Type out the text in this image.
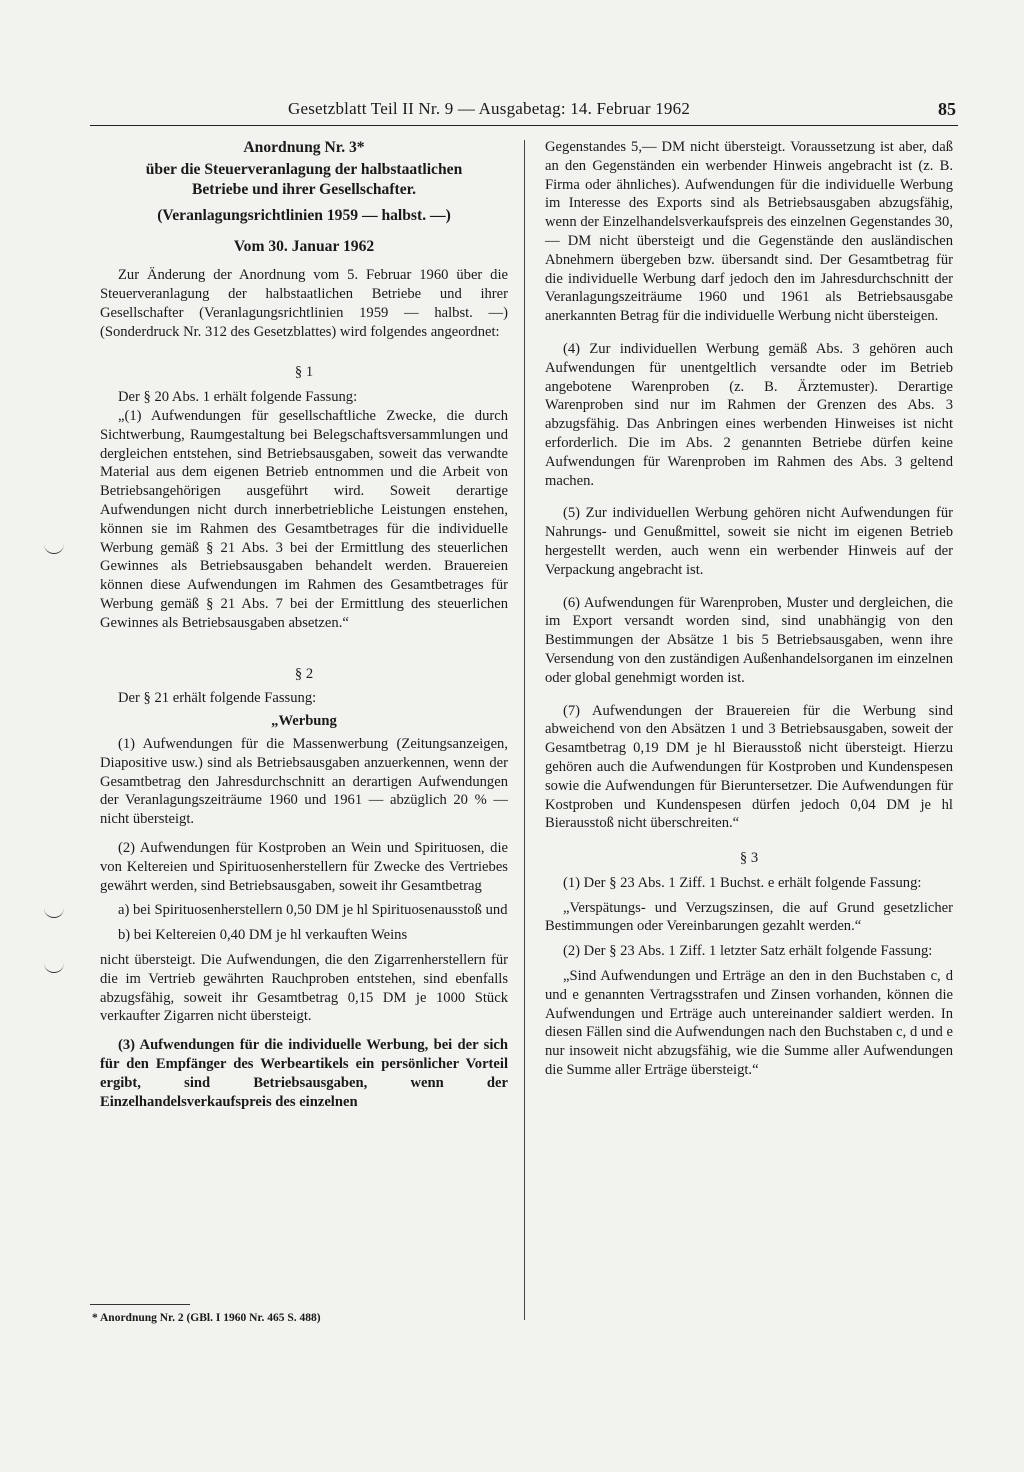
Gesetzblatt Teil II Nr. 9 — Ausgabetag: 14. Februar 1962	85

Anordnung Nr. 3*

über die Steuerveranlagung der halbstaatlichen

Betriebe und ihrer Gesellschafter.

(Veranlagungsrichtlinien 1959 — halbst. —)

Vom 30. Januar 1962

Zur Änderung der Anordnung vom 5. Februar 1960 über die Steuerveranlagung der halbstaatlichen Betriebe und ihrer Gesellschafter (Veranlagungsrichtlinien 1959 — halbst. —) (Sonderdruck Nr. 312 des Gesetzblattes) wird folgendes angeordnet:

§ 1

Der § 20 Abs. 1 erhält folgende Fassung:

„(1) Aufwendungen für gesellschaftliche Zwecke, die durch Sichtwerbung, Raumgestaltung bei Belegschaftsversammlungen und dergleichen entstehen, sind Betriebsausgaben, soweit das verwandte Material aus dem eigenen Betrieb entnommen und die Arbeit von Betriebsangehörigen ausgeführt wird. Soweit derartige Aufwendungen nicht durch innerbetriebliche Leistungen enstehen, können sie im Rahmen des Gesamtbetrages für die individuelle Werbung gemäß § 21 Abs. 3 bei der Ermittlung des steuerlichen Gewinnes als Betriebsausgaben behandelt werden. Brauereien können diese Aufwendungen im Rahmen des Gesamtbetrages für Werbung gemäß § 21 Abs. 7 bei der Ermittlung des steuerlichen Gewinnes als Betriebsausgaben absetzen.“

§ 2

Der § 21 erhält folgende Fassung:

„Werbung

(1) Aufwendungen für die Massenwerbung (Zeitungsanzeigen, Diapositive usw.) sind als Betriebsausgaben anzuerkennen, wenn der Gesamtbetrag den Jahresdurchschnitt an derartigen Aufwendungen der Veranlagungszeiträume 1960 und 1961 — abzüglich 20 % — nicht übersteigt.

(2) Aufwendungen für Kostproben an Wein und Spirituosen, die von Keltereien und Spirituosenherstellern für Zwecke des Vertriebes gewährt werden, sind Betriebsausgaben, soweit ihr Gesamtbetrag

a) bei Spirituosenherstellern 0,50 DM je hl Spirituosenausstoß und

b) bei Keltereien 0,40 DM je hl verkauften Weins

nicht übersteigt. Die Aufwendungen, die den Zigarrenherstellern für die im Vertrieb gewährten Rauchproben entstehen, sind ebenfalls abzugsfähig, soweit ihr Gesamtbetrag 0,15 DM je 1000 Stück verkaufter Zigarren nicht übersteigt.

(3) Aufwendungen für die individuelle Werbung, bei der sich für den Empfänger des Werbeartikels ein persönlicher Vorteil ergibt, sind Betriebsausgaben, wenn der Einzelhandelsverkaufspreis des einzelnen

* Anordnung Nr. 2 (GBl. I 1960 Nr. 465 S. 488)

Gegenstandes 5,— DM nicht übersteigt. Voraussetzung ist aber, daß an den Gegenständen ein werbender Hinweis angebracht ist (z. B. Firma oder ähnliches). Aufwendungen für die individuelle Werbung im Interesse des Exports sind als Betriebsausgaben abzugsfähig, wenn der Einzelhandelsverkaufspreis des einzelnen Gegenstandes 30,— DM nicht übersteigt und die Gegenstände den ausländischen Abnehmern übergeben bzw. übersandt sind. Der Gesamtbetrag für die individuelle Werbung darf jedoch den im Jahresdurchschnitt der Veranlagungszeiträume 1960 und 1961 als Betriebsausgabe anerkannten Betrag für die individuelle Werbung nicht übersteigen.

(4) Zur individuellen Werbung gemäß Abs. 3 gehören auch Aufwendungen für unentgeltlich versandte oder im Betrieb angebotene Warenproben (z. B. Ärztemuster). Derartige Warenproben sind nur im Rahmen der Grenzen des Abs. 3 abzugsfähig. Das Anbringen eines werbenden Hinweises ist nicht erforderlich. Die im Abs. 2 genannten Betriebe dürfen keine Aufwendungen für Warenproben im Rahmen des Abs. 3 geltend machen.

(5) Zur individuellen Werbung gehören nicht Aufwendungen für Nahrungs- und Genußmittel, soweit sie nicht im eigenen Betrieb hergestellt werden, auch wenn ein werbender Hinweis auf der Verpackung angebracht ist.

(6) Aufwendungen für Warenproben, Muster und dergleichen, die im Export versandt worden sind, sind unabhängig von den Bestimmungen der Absätze 1 bis 5 Betriebsausgaben, wenn ihre Versendung von den zuständigen Außenhandelsorganen im einzelnen oder global genehmigt worden ist.

(7) Aufwendungen der Brauereien für die Werbung sind abweichend von den Absätzen 1 und 3 Betriebsausgaben, soweit der Gesamtbetrag 0,19 DM je hl Bierausstoß nicht übersteigt. Hierzu gehören auch die Aufwendungen für Kostproben und Kundenspesen sowie die Aufwendungen für Bieruntersetzer. Die Aufwendungen für Kostproben und Kundenspesen dürfen jedoch 0,04 DM je hl Bierausstoß nicht überschreiten.“

§ 3

(1) Der § 23 Abs. 1 Ziff. 1 Buchst. e erhält folgende Fassung:

„Verspätungs- und Verzugszinsen, die auf Grund gesetzlicher Bestimmungen oder Vereinbarungen gezahlt werden.“

(2) Der § 23 Abs. 1 Ziff. 1 letzter Satz erhält folgende Fassung:

„Sind Aufwendungen und Erträge an den in den Buchstaben c, d und e genannten Vertragsstrafen und Zinsen vorhanden, können die Aufwendungen und Erträge auch untereinander saldiert werden. In diesen Fällen sind die Aufwendungen nach den Buchstaben c, d und e nur insoweit nicht abzugsfähig, wie die Summe aller Aufwendungen die Summe aller Erträge übersteigt.“
